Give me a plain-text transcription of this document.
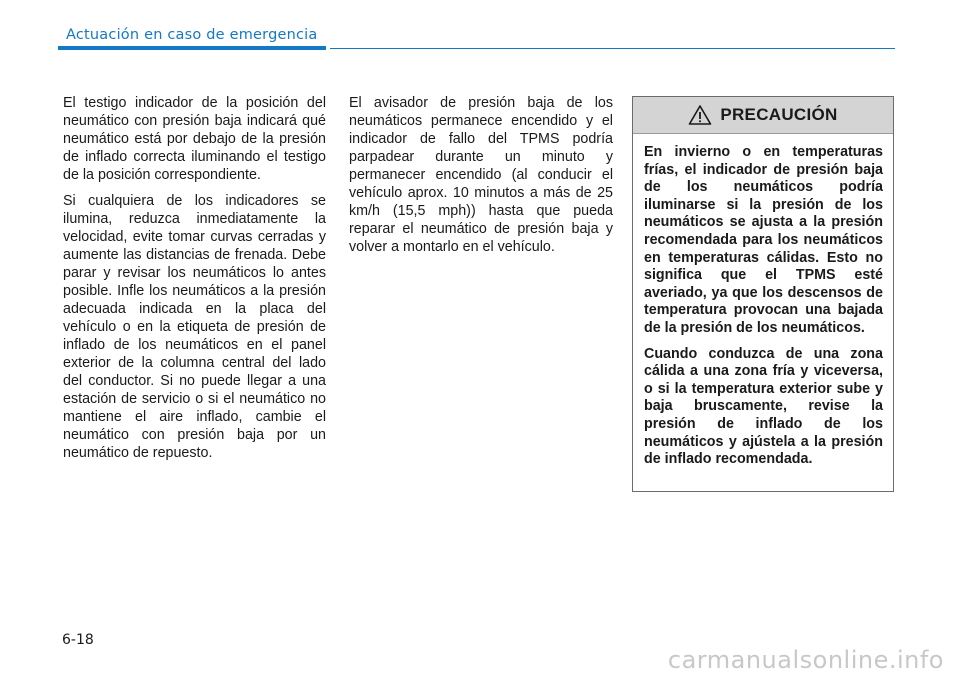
Actuación en caso de emergencia

El testigo indicador de la posición del neumático con presión baja indicará qué neumático está por debajo de la presión de inflado correcta iluminando el testigo de la posición correspondiente.

Si cualquiera de los indicadores se ilumina, reduzca inmediatamente la velocidad, evite tomar curvas cerradas y aumente las distancias de frenada. Debe parar y revisar los neumáticos lo antes posible. Infle los neumáticos a la presión adecuada indicada en la placa del vehículo o en la etiqueta de presión de inflado de los neumáticos en el panel exterior de la columna central del lado del conductor. Si no puede llegar a una estación de servicio o si el neumático no mantiene el aire inflado, cambie el neumático con presión baja por un neumático de repuesto.

El avisador de presión baja de los neumáticos permanece encendido y el indicador de fallo del TPMS podría parpadear durante un minuto y permanecer encendido (al conducir el vehículo aprox. 10 minutos a más de 25 km/h (15,5 mph)) hasta que pueda reparar el neumático de presión baja y volver a montarlo en el vehículo.

PRECAUCIÓN

En invierno o en temperaturas frías, el indicador de presión baja de los neumáticos podría iluminarse si la presión de los neumáticos se ajusta a la presión recomendada para los neumáticos en temperaturas cálidas. Esto no significa que el TPMS esté averiado, ya que los descensos de temperatura provocan una bajada de la presión de los neumáticos.

Cuando conduzca de una zona cálida a una zona fría y viceversa, o si la temperatura exterior sube y baja bruscamente, revise la presión de inflado de los neumáticos y ajústela a la presión de inflado recomendada.

6-18
carmanualsonline.info
